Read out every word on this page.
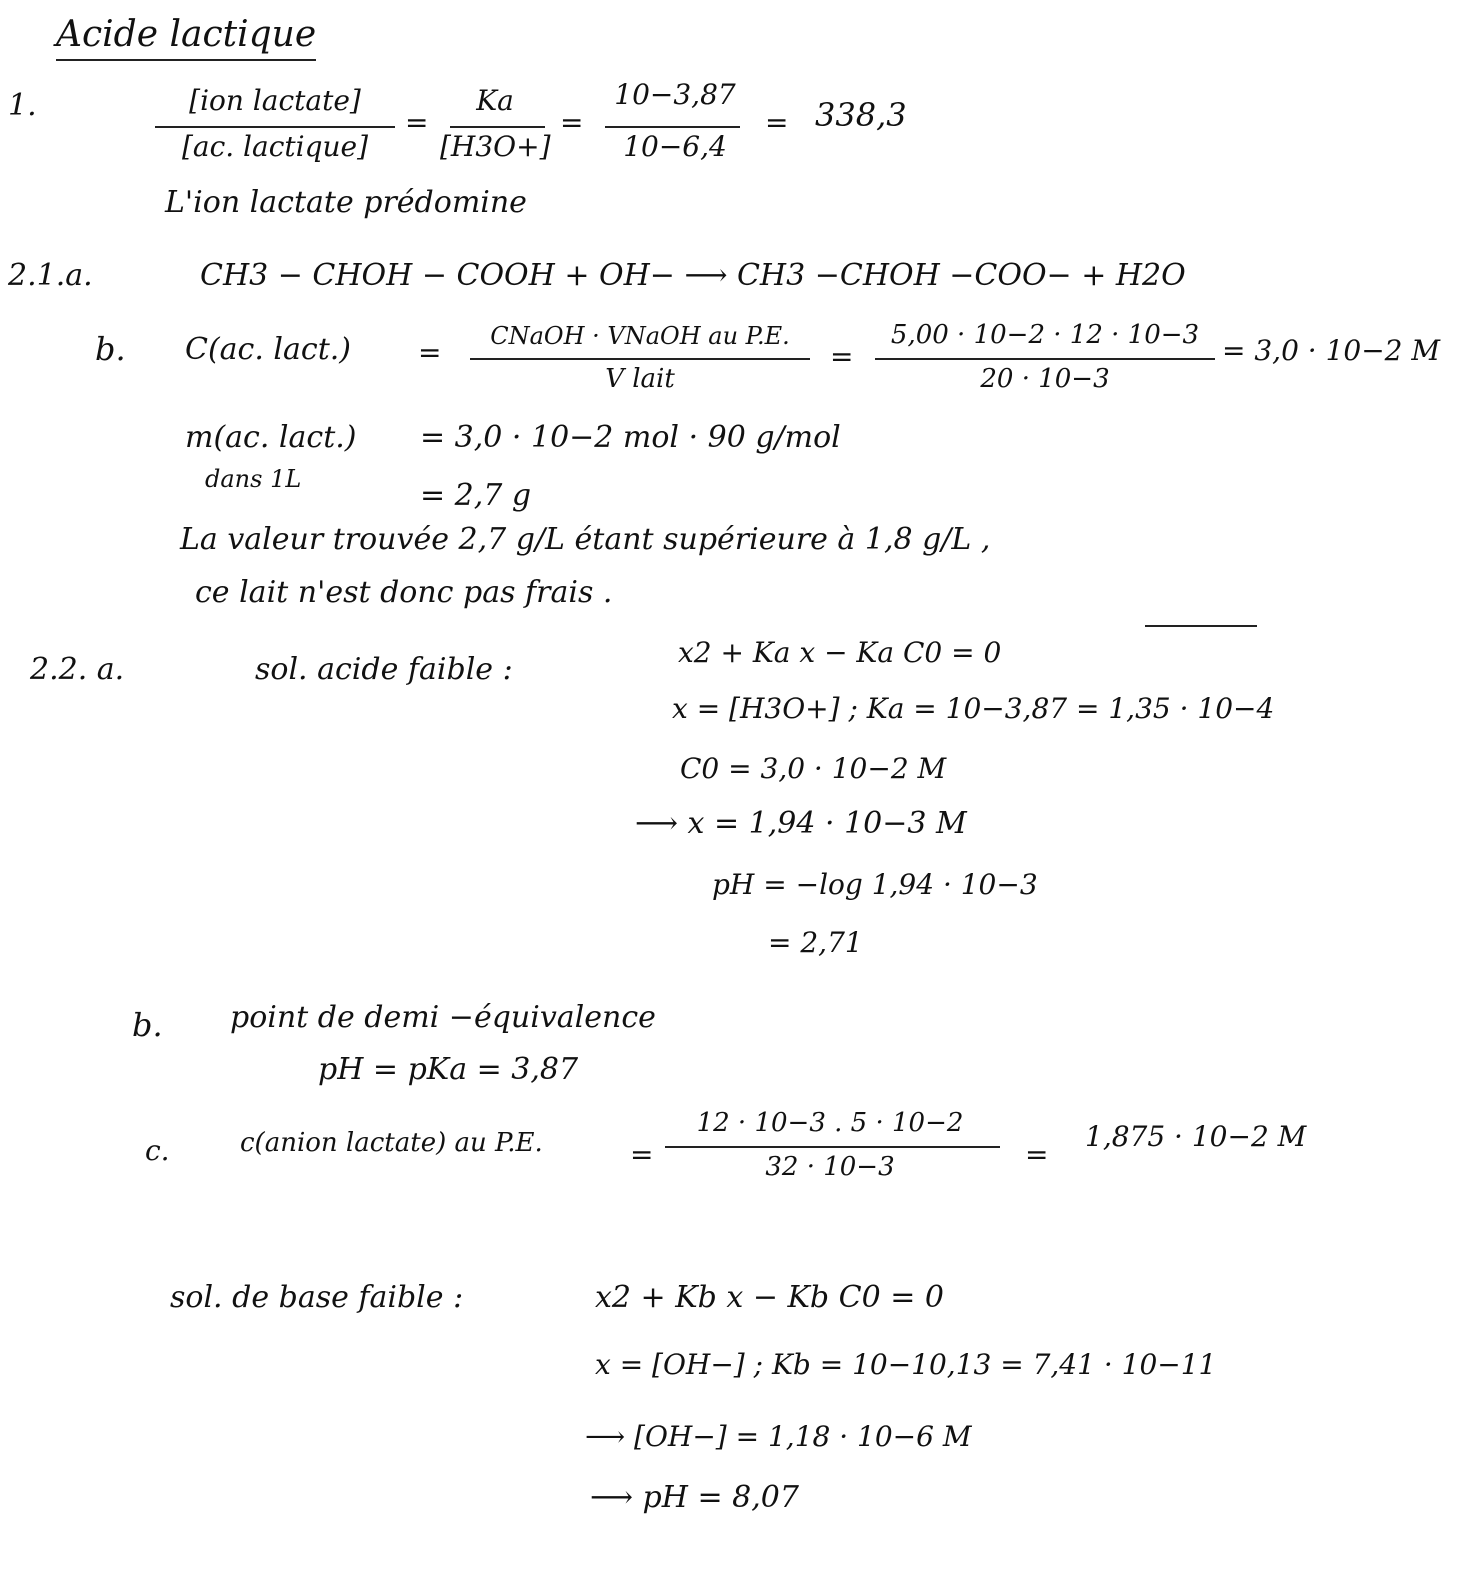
Acide lactique
1.	[ion lactate]
[ac. lactique]
=
Ka
[H3O+]
=
10−3,87
10−6,4
= 338,3
L'ion lactate prédomine
2.1.a.	CH3 − CHOH − COOH + OH− ⟶ CH3 −CHOH −COO− + H2O
b. C(ac. lact.) =	CNaOH · VNaOH au P.E.
V lait
=
5,00 · 10−2 · 12 · 10−3
20 · 10−3
= 3,0 · 10−2 M
m(ac. lact.)
dans 1L
= 3,0 · 10−2 mol · 90 g/mol
= 2,7 g
La valeur trouvée 2,7 g/L étant supérieure à 1,8 g/L ,
ce lait n'est donc pas frais .
2.2. a.	sol. acide faible :	x2 + Ka x − Ka C0 = 0
x = [H3O+] ; Ka = 10−3,87 = 1,35 · 10−4
C0 = 3,0 · 10−2 M
⟶ x = 1,94 · 10−3 M
pH = −log 1,94 · 10−3
= 2,71
b. point de demi −équivalence
pH = pKa = 3,87
c.	c(anion lactate) au P.E.	=
12 · 10−3 . 5 · 10−2
32 · 10−3	=
1,875 · 10−2 M
sol. de base faible :	x2 + Kb x − Kb C0 = 0
x = [OH−] ; Kb = 10−10,13 = 7,41 · 10−11
⟶ [OH−] = 1,18 · 10−6 M
⟶ pH = 8,07
